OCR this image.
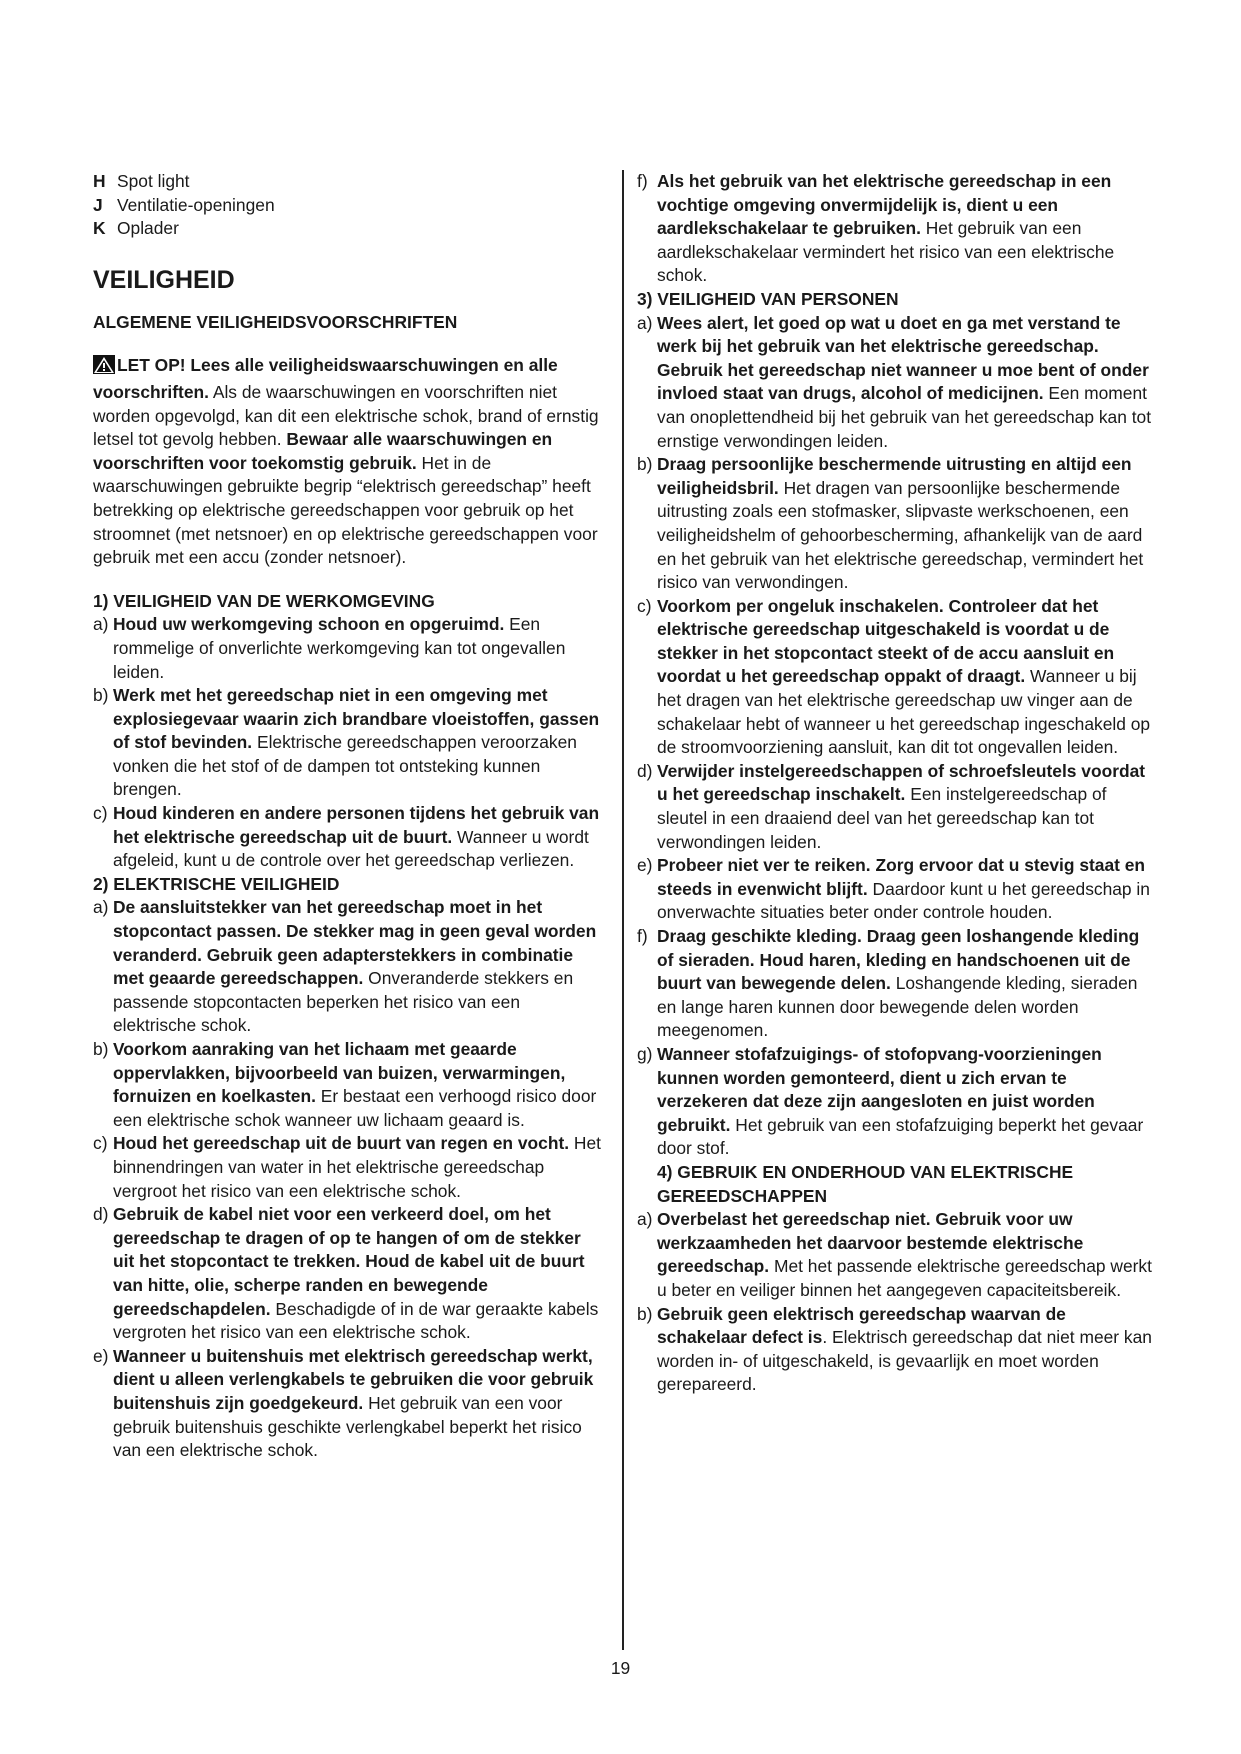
H Spot light

J Ventilatie-openingen

K Oplader

VEILIGHEID
ALGEMENE VEILIGHEIDSVOORSCHRIFTEN

LET OP! Lees alle veiligheidswaarschuwingen en alle voorschriften. Als de waarschuwingen en voorschriften niet worden opgevolgd, kan dit een elektrische schok, brand of ernstig letsel tot gevolg hebben. Bewaar alle waarschuwingen en voorschriften voor toekomstig gebruik. Het in de waarschuwingen gebruikte begrip “elektrisch gereedschap” heeft betrekking op elektrische gereedschappen voor gebruik op het stroomnet (met netsnoer) en op elektrische gereedschappen voor gebruik met een accu (zonder netsnoer).

1) VEILIGHEID VAN DE WERKOMGEVING

a) Houd uw werkomgeving schoon en opgeruimd. Een rommelige of onverlichte werkomgeving kan tot ongevallen leiden.

b) Werk met het gereedschap niet in een omgeving met explosiegevaar waarin zich brandbare vloeistoffen, gassen of stof bevinden. Elektrische gereedschappen veroorzaken vonken die het stof of de dampen tot ontsteking kunnen brengen.

c) Houd kinderen en andere personen tijdens het gebruik van het elektrische gereedschap uit de buurt. Wanneer u wordt afgeleid, kunt u de controle over het gereedschap verliezen.

2) ELEKTRISCHE VEILIGHEID

a) De aansluitstekker van het gereedschap moet in het stopcontact passen. De stekker mag in geen geval worden veranderd. Gebruik geen adapterstekkers in combinatie met geaarde gereedschappen. Onveranderde stekkers en passende stopcontacten beperken het risico van een elektrische schok.

b) Voorkom aanraking van het lichaam met geaarde oppervlakken, bijvoorbeeld van buizen, verwarmingen, fornuizen en koelkasten. Er bestaat een verhoogd risico door een elektrische schok wanneer uw lichaam geaard is.

c) Houd het gereedschap uit de buurt van regen en vocht. Het binnendringen van water in het elektrische gereedschap vergroot het risico van een elektrische schok.

d) Gebruik de kabel niet voor een verkeerd doel, om het gereedschap te dragen of op te hangen of om de stekker uit het stopcontact te trekken. Houd de kabel uit de buurt van hitte, olie, scherpe randen en bewegende gereedschapdelen. Beschadigde of in de war geraakte kabels vergroten het risico van een elektrische schok.

e) Wanneer u buitenshuis met elektrisch gereedschap werkt, dient u alleen verlengkabels te gebruiken die voor gebruik buitenshuis zijn goedgekeurd. Het gebruik van een voor gebruik buitenshuis geschikte verlengkabel beperkt het risico van een elektrische schok.

f) Als het gebruik van het elektrische gereedschap in een vochtige omgeving onvermijdelijk is, dient u een aardlekschakelaar te gebruiken. Het gebruik van een aardlekschakelaar vermindert het risico van een elektrische schok.

3) VEILIGHEID VAN PERSONEN

a) Wees alert, let goed op wat u doet en ga met verstand te werk bij het gebruik van het elektrische gereedschap. Gebruik het gereedschap niet wanneer u moe bent of onder invloed staat van drugs, alcohol of medicijnen. Een moment van onoplettendheid bij het gebruik van het gereedschap kan tot ernstige verwondingen leiden.

b) Draag persoonlijke beschermende uitrusting en altijd een veiligheidsbril. Het dragen van persoonlijke beschermende uitrusting zoals een stofmasker, slipvaste werkschoenen, een veiligheidshelm of gehoorbescherming, afhankelijk van de aard en het gebruik van het elektrische gereedschap, vermindert het risico van verwondingen.

c) Voorkom per ongeluk inschakelen. Controleer dat het elektrische gereedschap uitgeschakeld is voordat u de stekker in het stopcontact steekt of de accu aansluit en voordat u het gereedschap oppakt of draagt. Wanneer u bij het dragen van het elektrische gereedschap uw vinger aan de schakelaar hebt of wanneer u het gereedschap ingeschakeld op de stroomvoorziening aansluit, kan dit tot ongevallen leiden.

d) Verwijder instelgereedschappen of schroefsleutels voordat u het gereedschap inschakelt. Een instelgereedschap of sleutel in een draaiend deel van het gereedschap kan tot verwondingen leiden.

e) Probeer niet ver te reiken. Zorg ervoor dat u stevig staat en steeds in evenwicht blijft. Daardoor kunt u het gereedschap in onverwachte situaties beter onder controle houden.

f) Draag geschikte kleding. Draag geen loshangende kleding of sieraden. Houd haren, kleding en handschoenen uit de buurt van bewegende delen. Loshangende kleding, sieraden en lange haren kunnen door bewegende delen worden meegenomen.

g) Wanneer stofafzuigings- of stofopvang-voorzieningen kunnen worden gemonteerd, dient u zich ervan te verzekeren dat deze zijn aangesloten en juist worden gebruikt. Het gebruik van een stofafzuiging beperkt het gevaar door stof.

4) GEBRUIK EN ONDERHOUD VAN ELEKTRISCHE GEREEDSCHAPPEN

a) Overbelast het gereedschap niet. Gebruik voor uw werkzaamheden het daarvoor bestemde elektrische gereedschap. Met het passende elektrische gereedschap werkt u beter en veiliger binnen het aangegeven capaciteitsbereik.

b) Gebruik geen elektrisch gereedschap waarvan de schakelaar defect is. Elektrisch gereedschap dat niet meer kan worden in- of uitgeschakeld, is gevaarlijk en moet worden gerepareerd.

19
